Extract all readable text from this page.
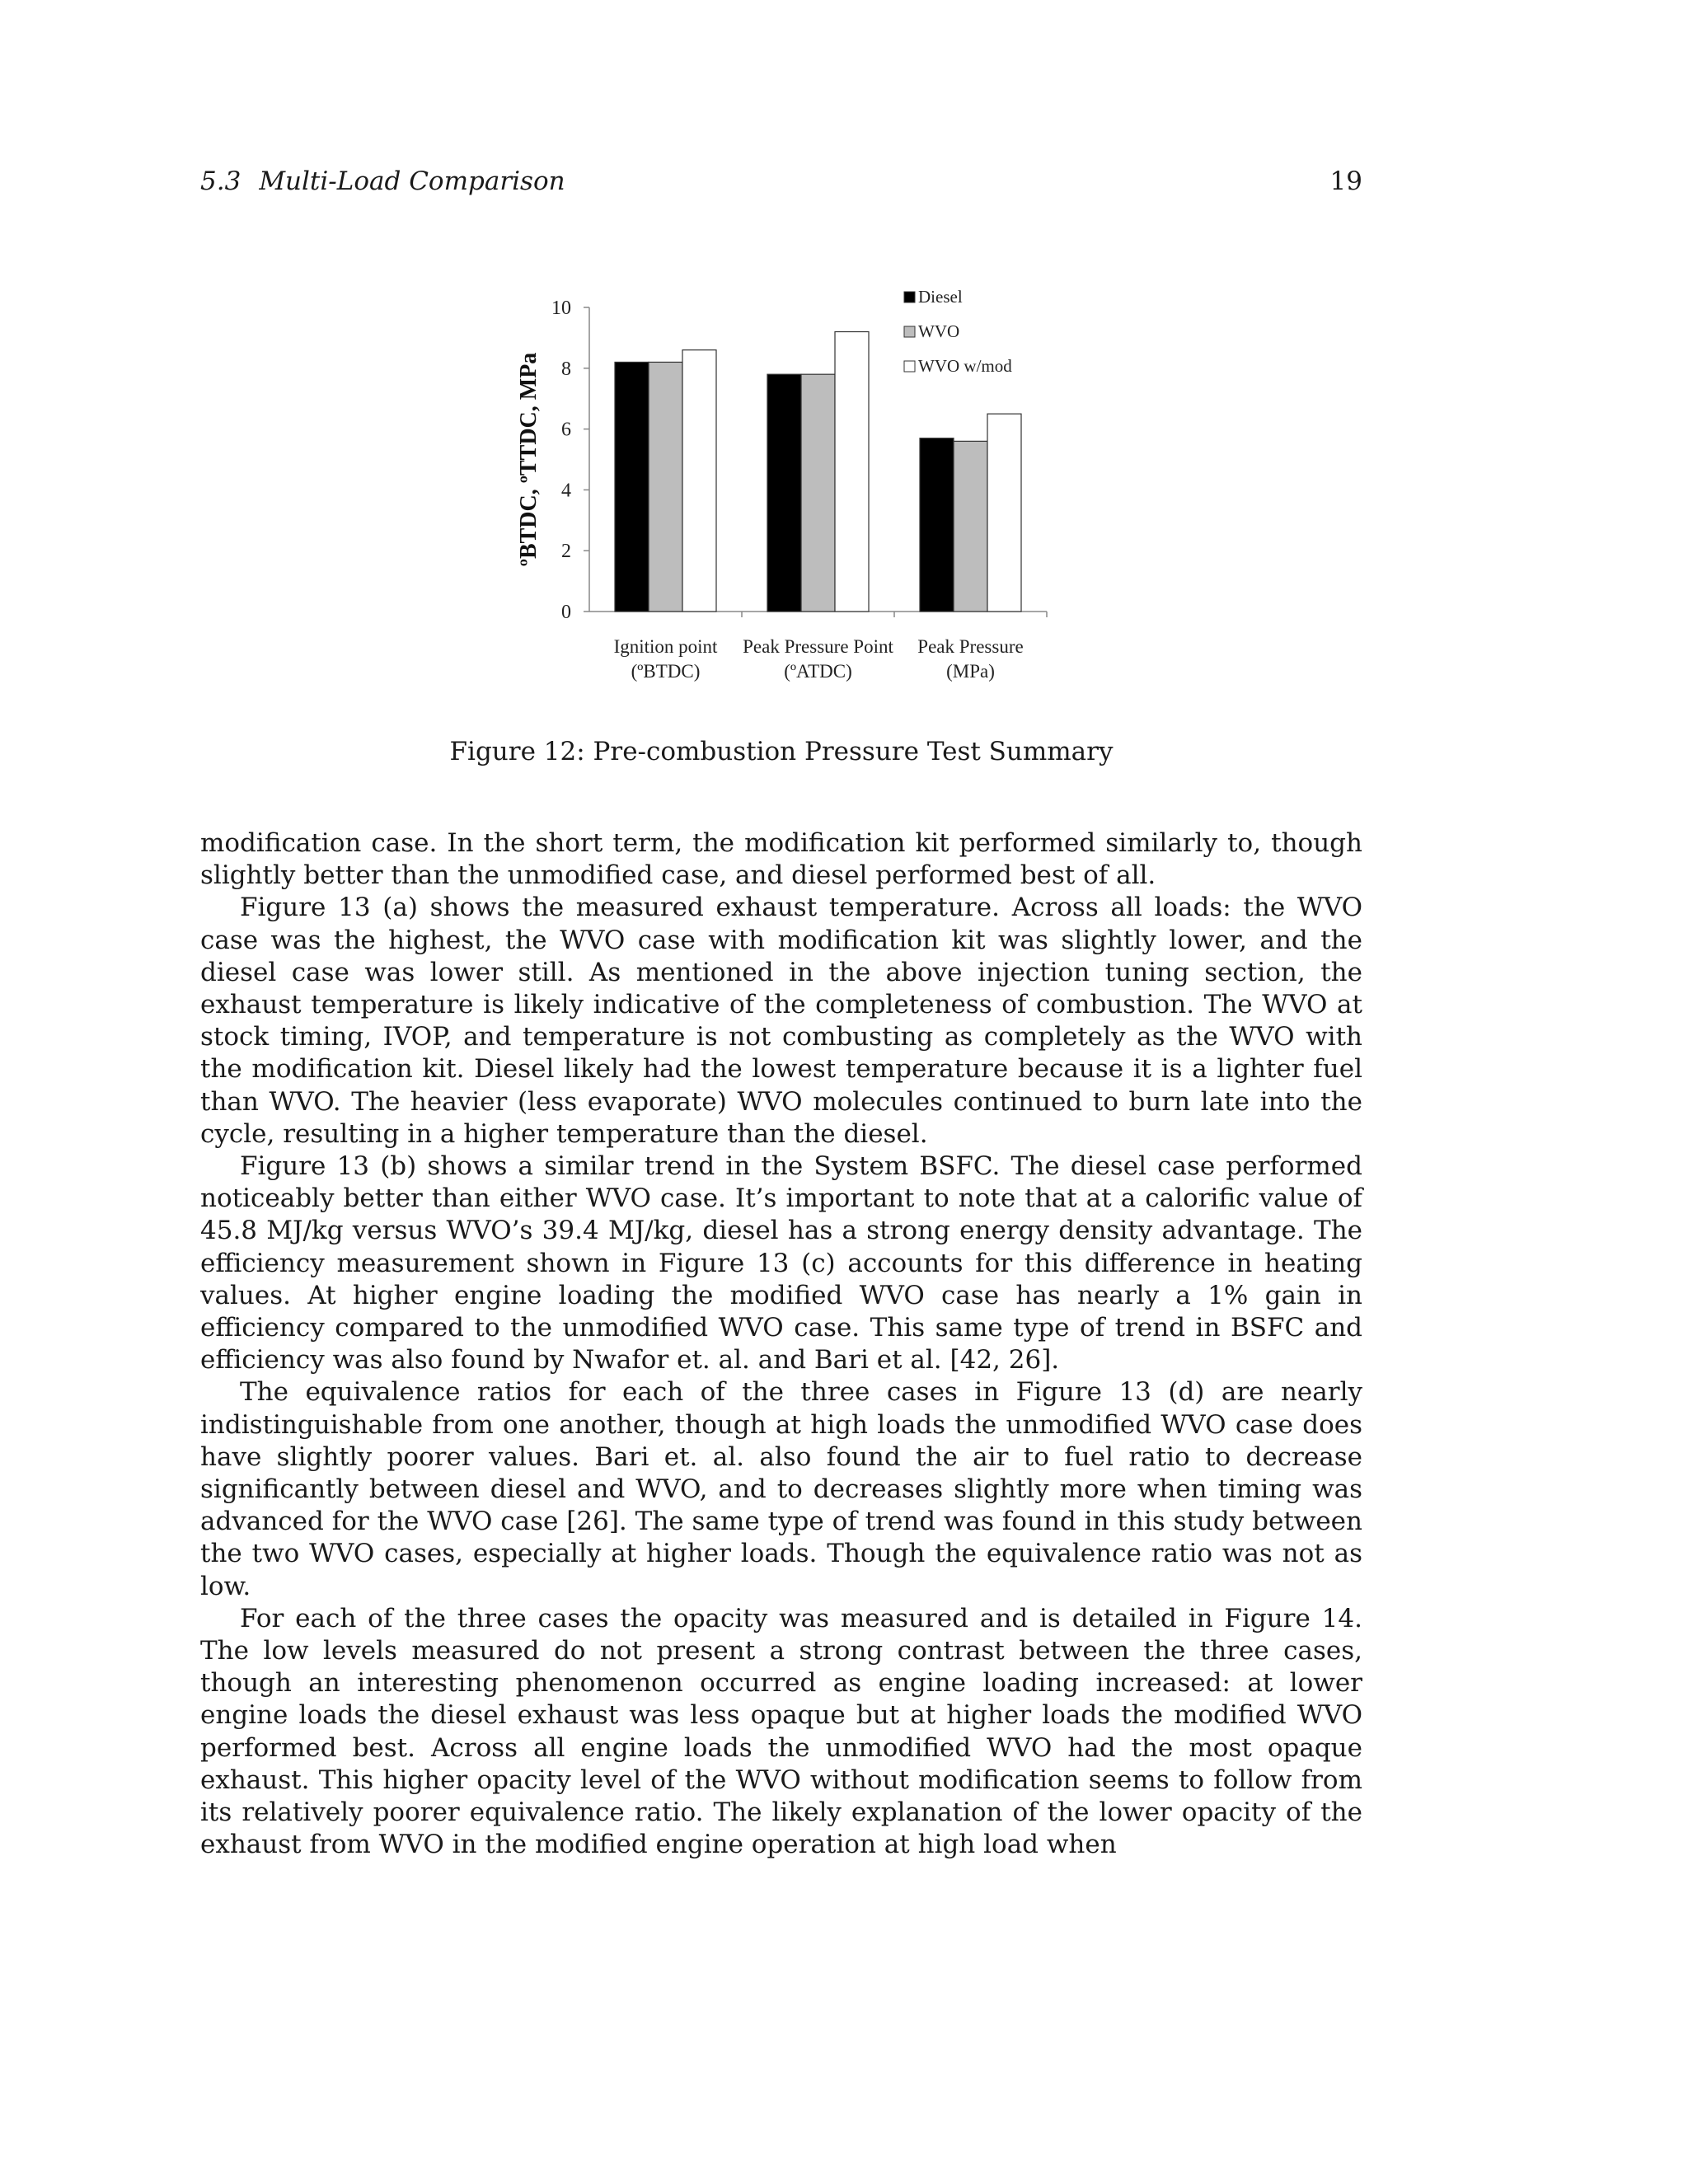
5.3 Multi-Load Comparison	19
0
2
4
6
8
10
ºBTDC, ºTTDC, MPa
Ignition point
(ºBTDC)
Peak Pressure Point
(ºATDC)
Peak Pressure
(MPa)
Diesel
WVO
WVO w/mod
Figure 12: Pre-combustion Pressure Test Summary

modification case. In the short term, the modification kit performed similarly to, though slightly better than the unmodified case, and diesel performed best of all.

Figure 13 (a) shows the measured exhaust temperature. Across all loads: the WVO case was the highest, the WVO case with modification kit was slightly lower, and the diesel case was lower still. As mentioned in the above injection tuning section, the exhaust temperature is likely indicative of the completeness of combustion. The WVO at stock timing, IVOP, and temperature is not combusting as completely as the WVO with the modification kit. Diesel likely had the lowest temperature because it is a lighter fuel than WVO. The heavier (less evaporate) WVO molecules continued to burn late into the cycle, resulting in a higher temperature than the diesel.

Figure 13 (b) shows a similar trend in the System BSFC. The diesel case performed noticeably better than either WVO case. It’s important to note that at a calorific value of 45.8 MJ/kg versus WVO’s 39.4 MJ/kg, diesel has a strong energy density advantage. The efficiency measurement shown in Figure 13 (c) accounts for this difference in heating values. At higher engine loading the modified WVO case has nearly a 1% gain in efficiency compared to the unmodified WVO case. This same type of trend in BSFC and efficiency was also found by Nwafor et. al. and Bari et al. [42, 26].

The equivalence ratios for each of the three cases in Figure 13 (d) are nearly indistinguishable from one another, though at high loads the unmodified WVO case does have slightly poorer values. Bari et. al. also found the air to fuel ratio to decrease significantly between diesel and WVO, and to decreases slightly more when timing was advanced for the WVO case [26]. The same type of trend was found in this study between the two WVO cases, especially at higher loads. Though the equivalence ratio was not as low.

For each of the three cases the opacity was measured and is detailed in Figure 14. The low levels measured do not present a strong contrast between the three cases, though an interesting phenomenon occurred as engine loading increased: at lower engine loads the diesel exhaust was less opaque but at higher loads the modified WVO performed best. Across all engine loads the unmodified WVO had the most opaque exhaust. This higher opacity level of the WVO without modification seems to follow from its relatively poorer equivalence ratio. The likely explanation of the lower opacity of the exhaust from WVO in the modified engine operation at high load when
